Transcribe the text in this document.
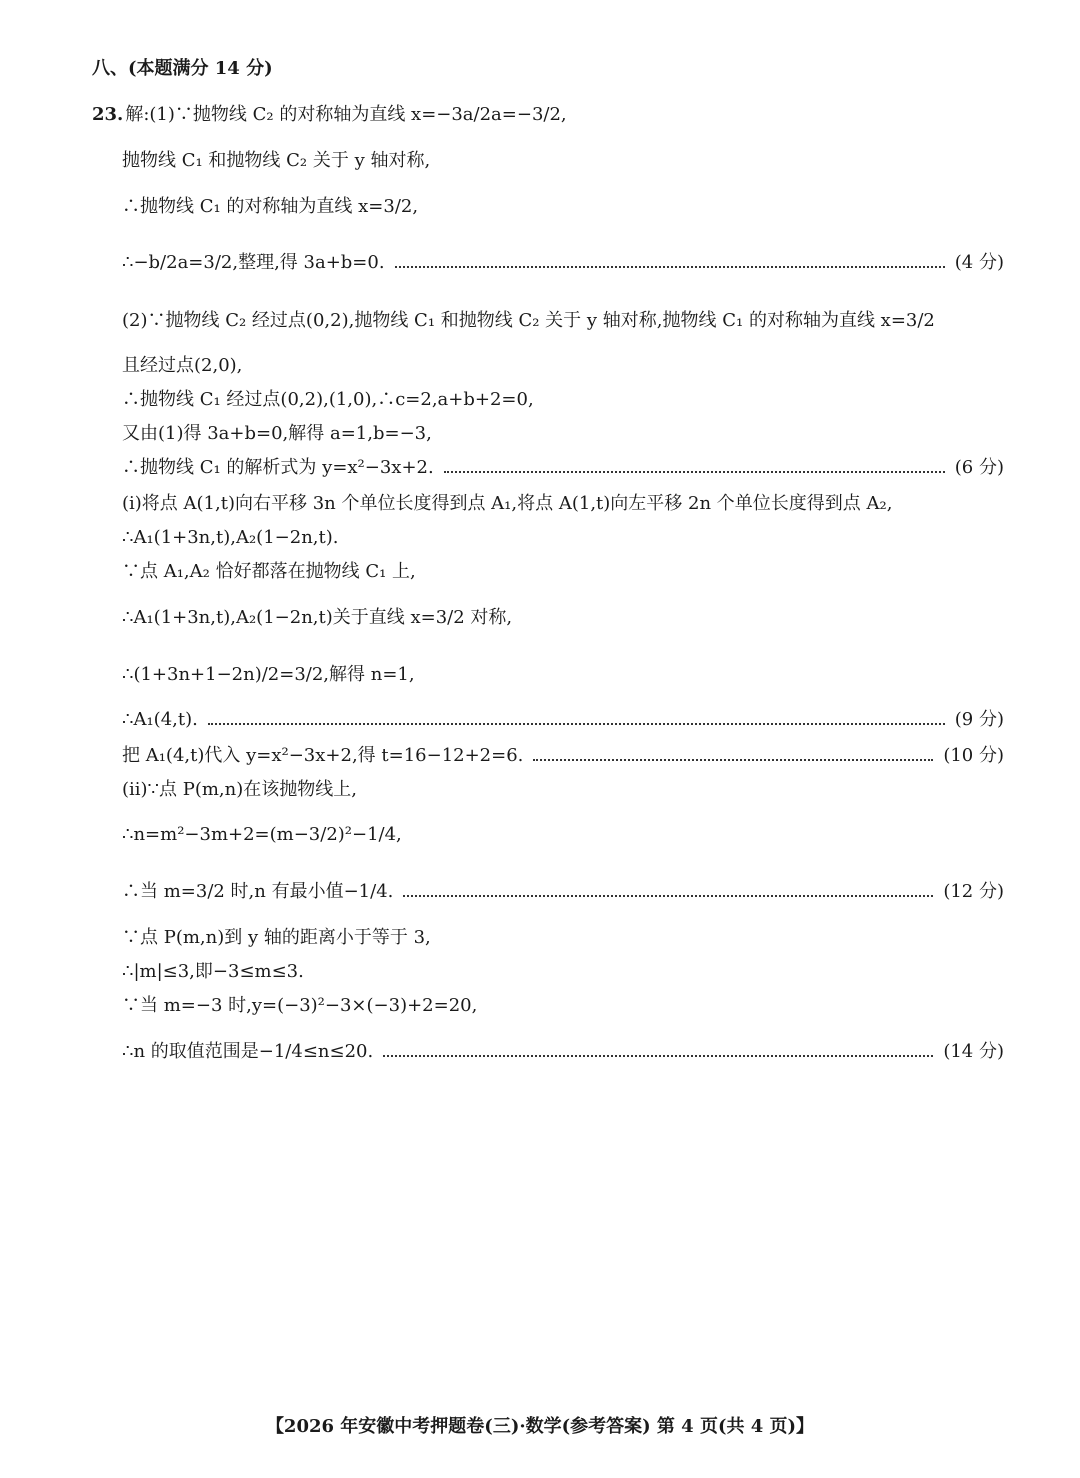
八、(本题满分 14 分)
23. 解:(1)∵抛物线 C₂ 的对称轴为直线 x=−3a/2a=−3/2,
抛物线 C₁ 和抛物线 C₂ 关于 y 轴对称,
∴抛物线 C₁ 的对称轴为直线 x=3/2,
∴−b/2a=3/2,整理,得 3a+b=0.	(4 分)
(2)∵抛物线 C₂ 经过点(0,2),抛物线 C₁ 和抛物线 C₂ 关于 y 轴对称,抛物线 C₁ 的对称轴为直线 x=3/2
且经过点(2,0),
∴抛物线 C₁ 经过点(0,2),(1,0),∴c=2,a+b+2=0,
又由(1)得 3a+b=0,解得 a=1,b=−3,
∴抛物线 C₁ 的解析式为 y=x²−3x+2.	(6 分)
(ⅰ)将点 A(1,t)向右平移 3n 个单位长度得到点 A₁,将点 A(1,t)向左平移 2n 个单位长度得到点 A₂,
∴A₁(1+3n,t),A₂(1−2n,t).
∵点 A₁,A₂ 恰好都落在抛物线 C₁ 上,
∴A₁(1+3n,t),A₂(1−2n,t)关于直线 x=3/2 对称,
∴(1+3n+1−2n)/2=3/2,解得 n=1,
∴A₁(4,t).	(9 分)
把 A₁(4,t)代入 y=x²−3x+2,得 t=16−12+2=6.	(10 分)
(ⅱ)∵点 P(m,n)在该抛物线上,
∴n=m²−3m+2=(m−3/2)²−1/4,
∴当 m=3/2 时,n 有最小值−1/4.	(12 分)
∵点 P(m,n)到 y 轴的距离小于等于 3,
∴|m|≤3,即−3≤m≤3.
∵当 m=−3 时,y=(−3)²−3×(−3)+2=20,
∴n 的取值范围是−1/4≤n≤20.	(14 分)
【2026 年安徽中考押题卷(三)·数学(参考答案) 第 4 页(共 4 页)】
